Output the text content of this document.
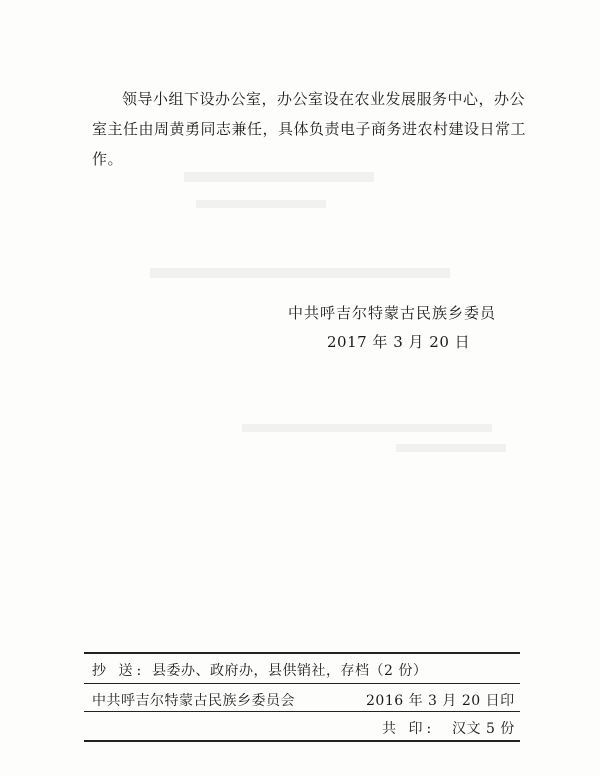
领导小组下设办公室，办公室设在农业发展服务中心，办公
室主任由周黄勇同志兼任，具体负责电子商务进农村建设日常工
作。
中共呼吉尔特蒙古民族乡委员
2017 年 3 月 20 日
抄 送: 县委办、政府办，县供销社，存档（2 份）
中共呼吉尔特蒙古民族乡委员会	2016 年 3 月 20 日印
共 印: 汉文 5 份
